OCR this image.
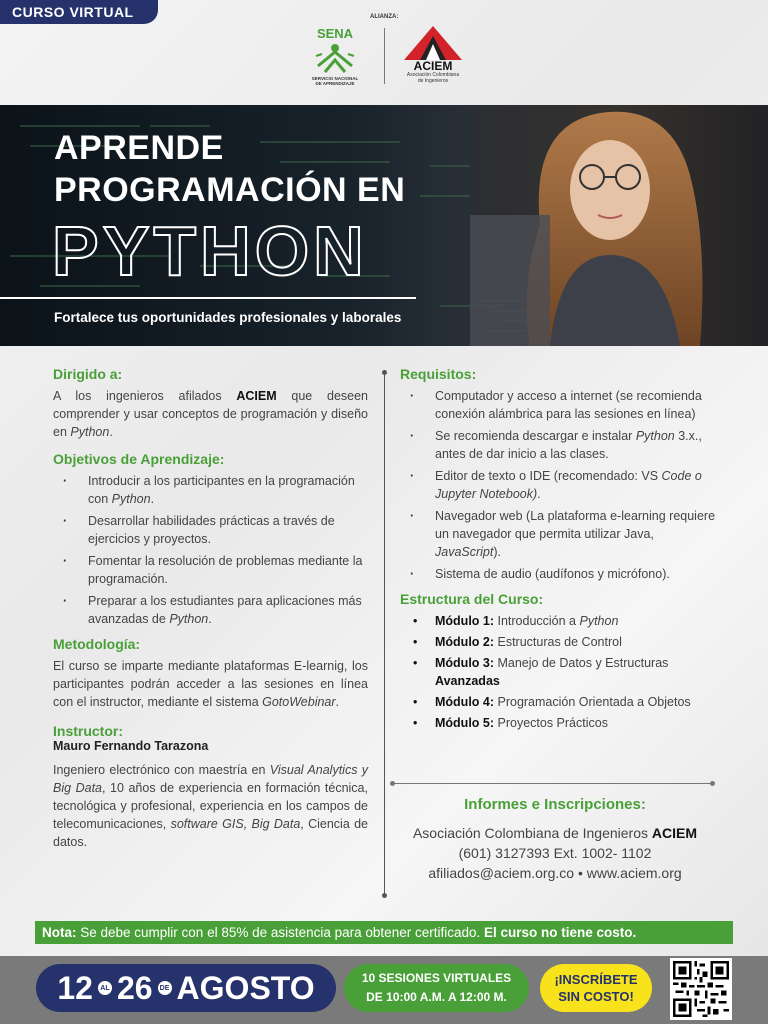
CURSO VIRTUAL	ALIANZA:
SENA
SERVICIO NACIONAL
DE APRENDIZAJE
ACIEM
Asociación Colombiana
de Ingenieros
APRENDE
PROGRAMACIÓN EN
PYTHON
Fortalece tus oportunidades profesionales y laborales
Dirigido a:

A los ingenieros afilados ACIEM que deseen comprender y usar conceptos de programación y diseño en Python.

Objetivos de Aprendizaje:
· Introducir a los participantes en la programación con Python.
· Desarrollar habilidades prácticas a través de ejercicios y proyectos.
· Fomentar la resolución de problemas mediante la programación.
· Preparar a los estudiantes para aplicaciones más avanzadas de Python.
Metodología:

El curso se imparte mediante plataformas E-learnig, los participantes podrán acceder a las sesiones en línea con el instructor, mediante el sistema GotoWebinar.

Instructor:
Mauro Fernando Tarazona

Ingeniero electrónico con maestría en Visual Analytics y Big Data, 10 años de experiencia en formación técnica, tecnológica y profesional, experiencia en los campos de telecomunicaciones, software GIS, Big Data, Ciencia de datos.

Requisitos:
· Computador y acceso a internet (se recomienda conexión alámbrica para las sesiones en línea)
· Se recomienda descargar e instalar Python 3.x., antes de dar inicio a las clases.
· Editor de texto o IDE (recomendado: VS Code o Jupyter Notebook).
· Navegador web (La plataforma e-learning requiere un navegador que permita utilizar Java, JavaScript).
· Sistema de audio (audífonos y micrófono).
Estructura del Curso:
• Módulo 1: Introducción a Python
• Módulo 2: Estructuras de Control
• Módulo 3: Manejo de Datos y Estructuras Avanzadas
• Módulo 4: Programación Orientada a Objetos
• Módulo 5: Proyectos Prácticos
Informes e Inscripciones:
Asociación Colombiana de Ingenieros ACIEM
(601) 3127393 Ext. 1002- 1102
afiliados@aciem.org.co • www.aciem.org
Nota: Se debe cumplir con el 85% de asistencia para obtener certificado. El curso no tiene costo.
12	AL 26	DE AGOSTO	10 SESIONES VIRTUALES
DE 10:00 A.M. A 12:00 M.
¡INSCRÍBETE
SIN COSTO!
